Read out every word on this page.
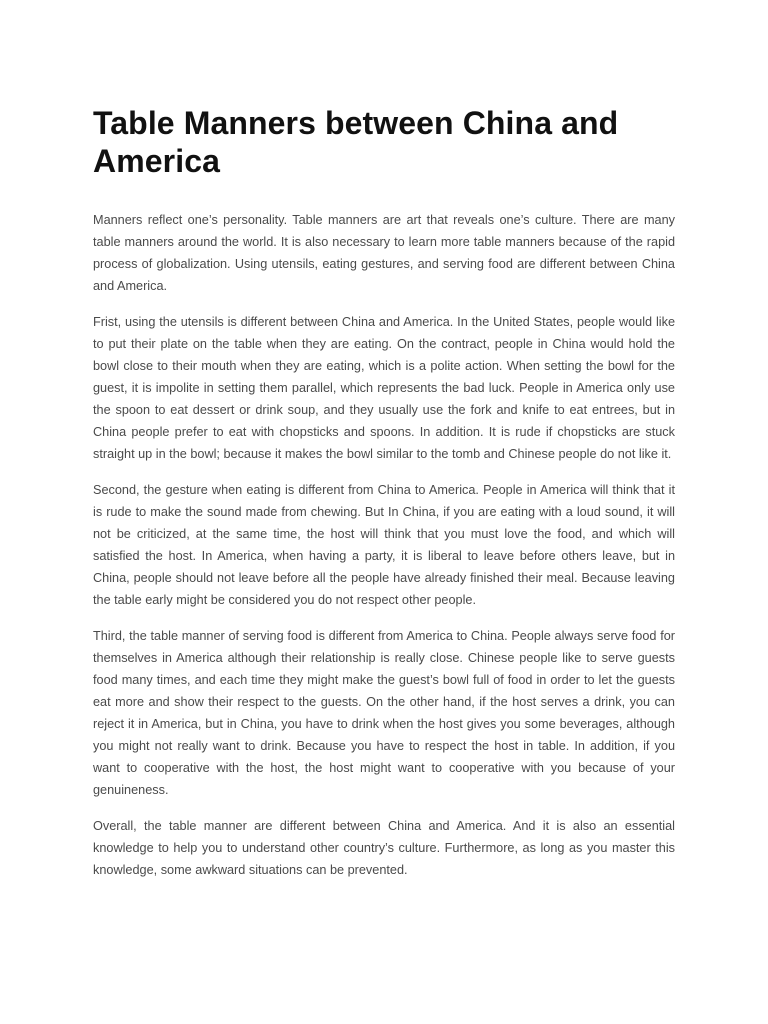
Table Manners between China and America

Manners reflect one’s personality. Table manners are art that reveals one’s culture. There are many table manners around the world. It is also necessary to learn more table manners because of the rapid process of globalization. Using utensils, eating gestures, and serving food are different between China and America.

Frist, using the utensils is different between China and America. In the United States, people would like to put their plate on the table when they are eating. On the contract, people in China would hold the bowl close to their mouth when they are eating, which is a polite action. When setting the bowl for the guest, it is impolite in setting them parallel, which represents the bad luck. People in America only use the spoon to eat dessert or drink soup, and they usually use the fork and knife to eat entrees, but in China people prefer to eat with chopsticks and spoons. In addition. It is rude if chopsticks are stuck straight up in the bowl; because it makes the bowl similar to the tomb and Chinese people do not like it.

Second, the gesture when eating is different from China to America. People in America will think that it is rude to make the sound made from chewing. But In China, if you are eating with a loud sound, it will not be criticized, at the same time, the host will think that you must love the food, and which will satisfied the host. In America, when having a party, it is liberal to leave before others leave, but in China, people should not leave before all the people have already finished their meal. Because leaving the table early might be considered you do not respect other people.

Third, the table manner of serving food is different from America to China. People always serve food for themselves in America although their relationship is really close. Chinese people like to serve guests food many times, and each time they might make the guest’s bowl full of food in order to let the guests eat more and show their respect to the guests. On the other hand, if the host serves a drink, you can reject it in America, but in China, you have to drink when the host gives you some beverages, although you might not really want to drink. Because you have to respect the host in table. In addition, if you want to cooperative with the host, the host might want to cooperative with you because of your genuineness.

Overall, the table manner are different between China and America. And it is also an essential knowledge to help you to understand other country’s culture. Furthermore, as long as you master this knowledge, some awkward situations can be prevented.
